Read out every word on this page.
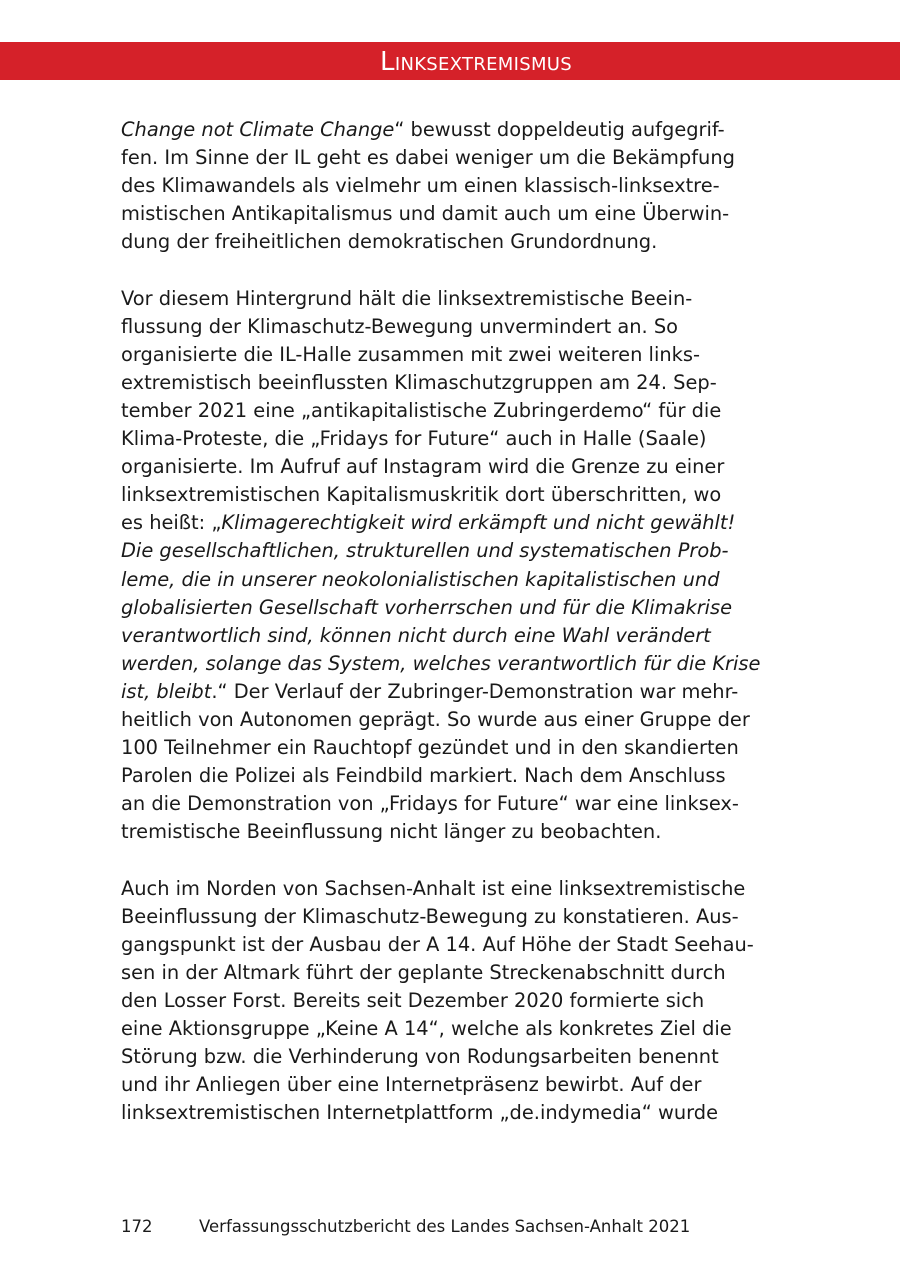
Linksextremismus
Change not Climate Change“ bewusst doppeldeutig aufgegrif-
fen. Im Sinne der IL geht es dabei weniger um die Bekämpfung
des Klimawandels als vielmehr um einen klassisch-linksextre-
mistischen Antikapitalismus und damit auch um eine Überwin-
dung der freiheitlichen demokratischen Grundordnung.
Vor diesem Hintergrund hält die linksextremistische Beein-
flussung der Klimaschutz-Bewegung unvermindert an. So
organisierte die IL-Halle zusammen mit zwei weiteren links-
extremistisch beeinflussten Klimaschutzgruppen am 24. Sep-
tember 2021 eine „antikapitalistische Zubringerdemo“ für die
Klima-Proteste, die „Fridays for Future“ auch in Halle (Saale)
organisierte. Im Aufruf auf Instagram wird die Grenze zu einer
linksextremistischen Kapitalismuskritik dort überschritten, wo
es heißt: „Klimagerechtigkeit wird erkämpft und nicht gewählt!
Die gesellschaftlichen, strukturellen und systematischen Prob-
leme, die in unserer neokolonialistischen kapitalistischen und
globalisierten Gesellschaft vorherrschen und für die Klimakrise
verantwortlich sind, können nicht durch eine Wahl verändert
werden, solange das System, welches verantwortlich für die Krise
ist, bleibt.“ Der Verlauf der Zubringer-Demonstration war mehr-
heitlich von Autonomen geprägt. So wurde aus einer Gruppe der
100 Teilnehmer ein Rauchtopf gezündet und in den skandierten
Parolen die Polizei als Feindbild markiert. Nach dem Anschluss
an die Demonstration von „Fridays for Future“ war eine linksex-
tremistische Beeinflussung nicht länger zu beobachten.
Auch im Norden von Sachsen-Anhalt ist eine linksextremistische
Beeinflussung der Klimaschutz-Bewegung zu konstatieren. Aus-
gangspunkt ist der Ausbau der A 14. Auf Höhe der Stadt Seehau-
sen in der Altmark führt der geplante Streckenabschnitt durch
den Losser Forst. Bereits seit Dezember 2020 formierte sich
eine Aktionsgruppe „Keine A 14“, welche als konkretes Ziel die
Störung bzw. die Verhinderung von Rodungsarbeiten benennt
und ihr Anliegen über eine Internetpräsenz bewirbt. Auf der
linksextremistischen Internetplattform „de.indymedia“ wurde
172	Verfassungsschutzbericht des Landes Sachsen-Anhalt 2021
